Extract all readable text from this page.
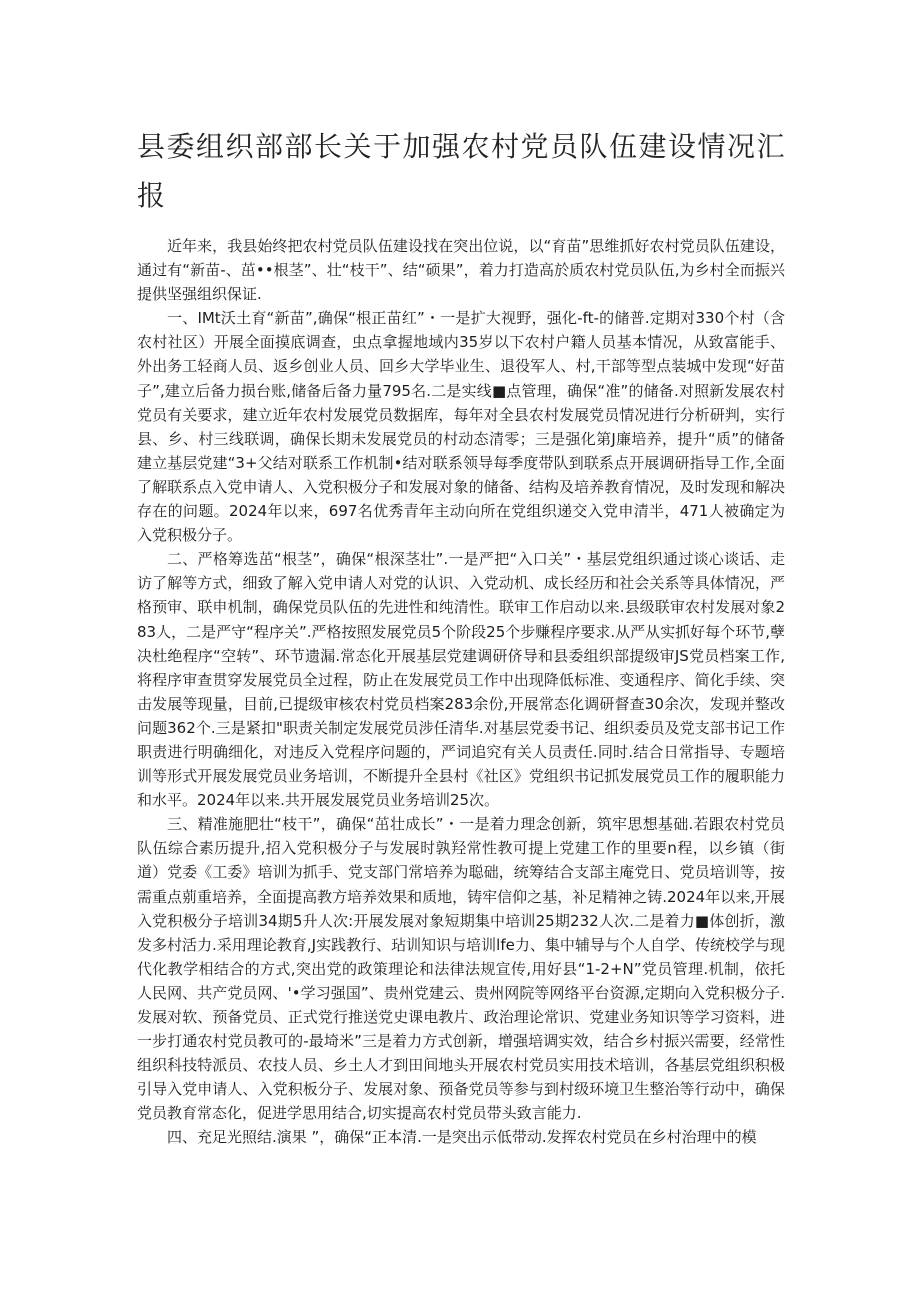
县委组织部部长关于加强农村党员队伍建设情况汇报

近年来，我县始终把农村党员队伍建设找在突出位说，以“育苗”思维抓好农村党员队伍建设，通过有“新苗-、茁••根茎”、壮“枝干”、结“硕果”，着力打造高於质农村党员队伍,为乡村全而振兴提供坚强组织保证.

一、IMt沃土育“新苗”,确保“根正苗红”・一是扩大视野，强化-ft-的储普.定期对330个村（含农村社区）开展全面摸底调查，虫点拿握地域内35岁以下农村户籍人员基本情况，从致富能手、外出务工轻商人员、返乡创业人员、回乡大学毕业生、退役军人、村,干部等型点装城中发现“好苗子”,建立后备力损台账,储备后备力量795名.二是实线■点管理，确保“准”的储备.对照新发展农村党员有关要求，建立近年农村发展党员数据库，每年对全县农村发展党员情况进行分析研判，实行县、乡、村三线联调，确保长期未发展党员的村动态清零；三是强化第J廉培养，提升“质”的储备建立基层党建“3+父结对联系工作机制•结对联系领导每季度带队到联系点开展调研指导工作,全面了解联系点入党申请人、入党积极分子和发展对象的储备、结构及培养教育情况，及时发现和解决存在的问题。2024年以来，697名优秀青年主动向所在党组织递交入党申清半，471人被确定为入党积极分子。

二、严格筹选茁“根茎”，确保“根深茎壮”.一是严把“入口关”・基层党组织通过谈心谈话、走访了解等方式，细致了解入党申请人对党的认识、入党动机、成长经历和社会关系等具体情况，严格预审、联申机制，确保党员队伍的先进性和纯清性。联审工作启动以来.县级联审农村发展对象283人，二是严守“程序关”.严格按照发展党员5个阶段25个步赚程序要求.从严从实抓好每个环节,孽决杜绝程序“空转”、环节遗漏.常态化开展基层党建调研侪导和县委组织部提级审JS党员档案工作,将程序审查贯穿发展党员全过程，防止在发展党员工作中出现降低标准、变通程序、简化手续、突击发展等现量，目前,已提级审核农村党员档案283余份,开展常态化调研督查30余次，发现并整改问题362个.三是紧扣"职责关制定发展党员涉任清华.对基层党委书记、组织委员及党支部书记工作职责进行明确细化，对违反入党程序问题的，严词追究有关人员责任.同时.结合日常指导、专题培训等形式开展发展党员业务培训，不断提升全县村《社区》党组织书记抓发展党员工作的履职能力和水平。2024年以来.共开展发展党员业务培训25次。

三、精准施肥壮“枝干”，确保“茁壮成长”・一是着力理念创新，筑牢思想基础.若跟农村党员队伍综合素历提升,招入党积极分子与发展时孰羟常性教可提上党建工作的里要n程，以乡镇（街道）党委《工委》培训为抓手、党支部门常培养为聪础，统筹结合支部主庵党日、党员培训等，按需重点莂重培养，全面提高教方培养效果和质地，铸牢信仰之基，补足精神之铸.2024年以来,开展入党积极分子培训34期5升人次:开展发展对象短期集中培训25期232人次.二是着力■体创折，激发多村活力.采用理论教育,J实践教行、玷训知识与培训lfe力、集中辅导与个人自学、传统校学与现代化教学相结合的方式,突出党的政策理论和法律法规宣传,用好县“1-2+N”党员管理.机制，依托人民网、共产党员网、'•学习强国”、贵州党建云、贵州网院等网络平台资源,定期向入党积极分子.发展对软、预备党员、正式党行推送党史课电教片、政治理论常识、党建业务知识等学习资料，进一步打通农村党员教可的-最埼米”三是着力方式创新，增强培调实效，结合乡村振兴需要，经常性组织科技特派员、农技人员、乡土人才到田间地头开展农村党员实用技术培训，各基层党组织积极引导入党申请人、入党积板分子、发展对象、预备党员等参与到村级环境卫生整治等行动中，确保党员教育常态化，促进学思用结合,切实提高农村党员带头致言能力.

四、充足光照结.演果 ”，确保“正本清.一是突出示低带动.发挥农村党员在乡村治理中的模
